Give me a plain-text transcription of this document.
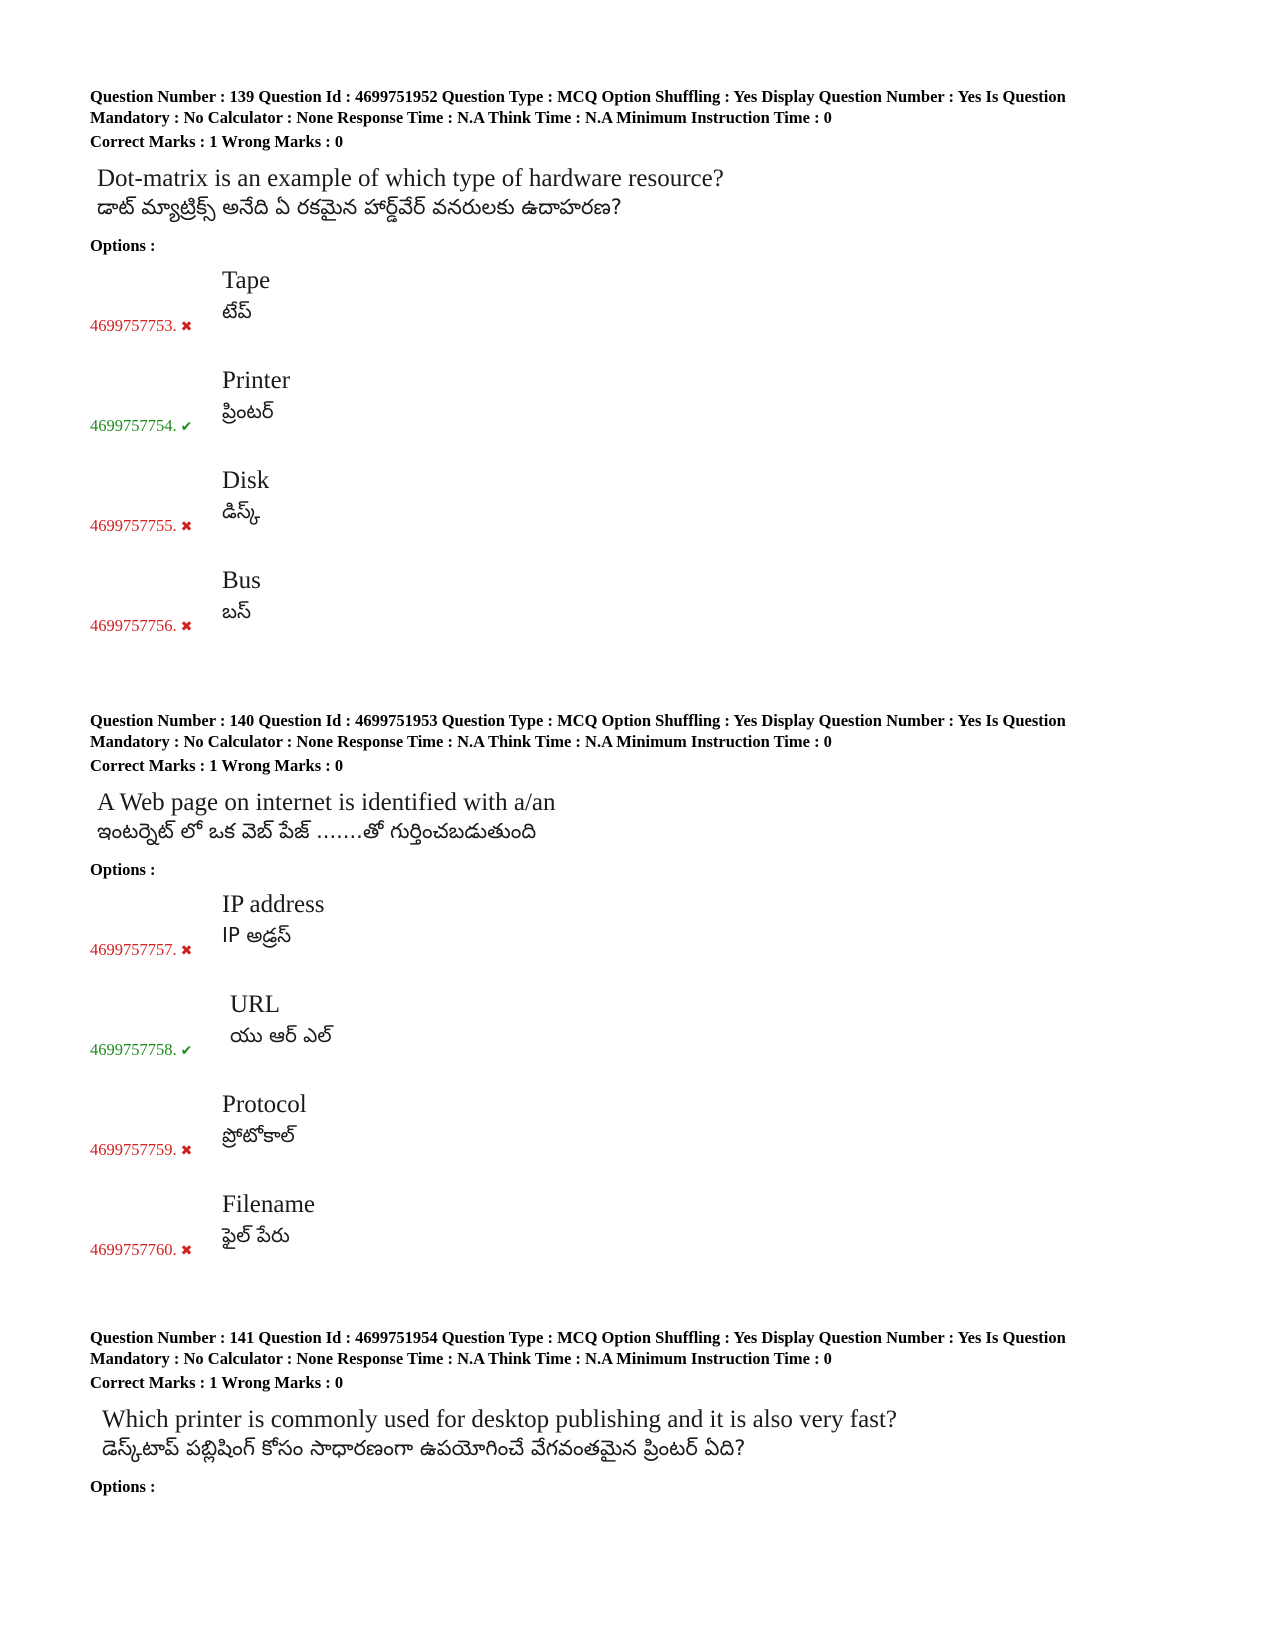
Question Number : 139 Question Id : 4699751952 Question Type : MCQ Option Shuffling : Yes Display Question Number : Yes Is Question
Mandatory : No Calculator : None Response Time : N.A Think Time : N.A Minimum Instruction Time : 0
Correct Marks : 1 Wrong Marks : 0
Dot-matrix is an example of which type of hardware resource?
డాట్ మ్యాట్రిక్స్ అనేది ఏ రకమైన హార్డ్‌వేర్ వనరులకు ఉదాహరణ?
Options :
Tape
టేప్
4699757753. ✖
Printer
ప్రింటర్
4699757754. ✔
Disk
డిస్క్
4699757755. ✖
Bus
బస్
4699757756. ✖
Question Number : 140 Question Id : 4699751953 Question Type : MCQ Option Shuffling : Yes Display Question Number : Yes Is Question
Mandatory : No Calculator : None Response Time : N.A Think Time : N.A Minimum Instruction Time : 0
Correct Marks : 1 Wrong Marks : 0
A Web page on internet is identified with a/an
ఇంటర్నెట్ లో ఒక వెబ్ పేజ్ .......తో గుర్తించబడుతుంది
Options :
IP address
IP అడ్రస్
4699757757. ✖
URL
యు ఆర్ ఎల్
4699757758. ✔
Protocol
ప్రోటోకాల్
4699757759. ✖
Filename
ఫైల్ పేరు
4699757760. ✖
Question Number : 141 Question Id : 4699751954 Question Type : MCQ Option Shuffling : Yes Display Question Number : Yes Is Question
Mandatory : No Calculator : None Response Time : N.A Think Time : N.A Minimum Instruction Time : 0
Correct Marks : 1 Wrong Marks : 0
Which printer is commonly used for desktop publishing and it is also very fast?
డెస్క్‌టాప్ పబ్లిషింగ్ కోసం సాధారణంగా ఉపయోగించే వేగవంతమైన ప్రింటర్ ఏది?
Options :
